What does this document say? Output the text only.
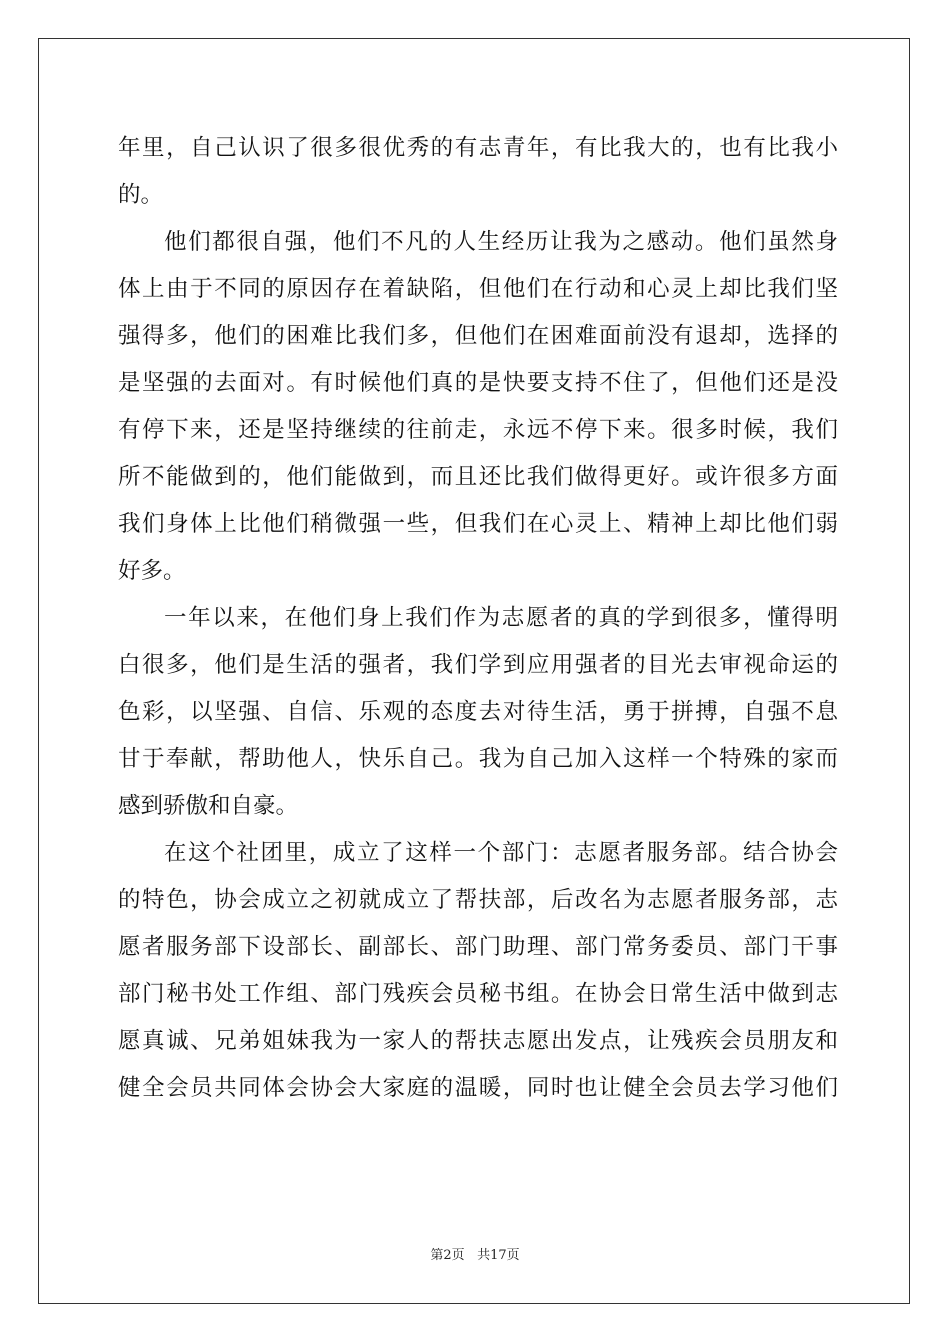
年里，自己认识了很多很优秀的有志青年，有比我大的，也有比我小
的。
他们都很自强，他们不凡的人生经历让我为之感动。他们虽然身
体上由于不同的原因存在着缺陷，但他们在行动和心灵上却比我们坚
强得多，他们的困难比我们多，但他们在困难面前没有退却，选择的
是坚强的去面对。有时候他们真的是快要支持不住了，但他们还是没
有停下来，还是坚持继续的往前走，永远不停下来。很多时候，我们
所不能做到的，他们能做到，而且还比我们做得更好。或许很多方面
我们身体上比他们稍微强一些，但我们在心灵上、精神上却比他们弱
好多。
一年以来，在他们身上我们作为志愿者的真的学到很多，懂得明
白很多，他们是生活的强者，我们学到应用强者的目光去审视命运的
色彩，以坚强、自信、乐观的态度去对待生活，勇于拼搏，自强不息
甘于奉献，帮助他人，快乐自己。我为自己加入这样一个特殊的家而
感到骄傲和自豪。
在这个社团里，成立了这样一个部门：志愿者服务部。结合协会
的特色，协会成立之初就成立了帮扶部，后改名为志愿者服务部，志
愿者服务部下设部长、副部长、部门助理、部门常务委员、部门干事
部门秘书处工作组、部门残疾会员秘书组。在协会日常生活中做到志
愿真诚、兄弟姐妹我为一家人的帮扶志愿出发点，让残疾会员朋友和
健全会员共同体会协会大家庭的温暖，同时也让健全会员去学习他们
第2页 共17页
